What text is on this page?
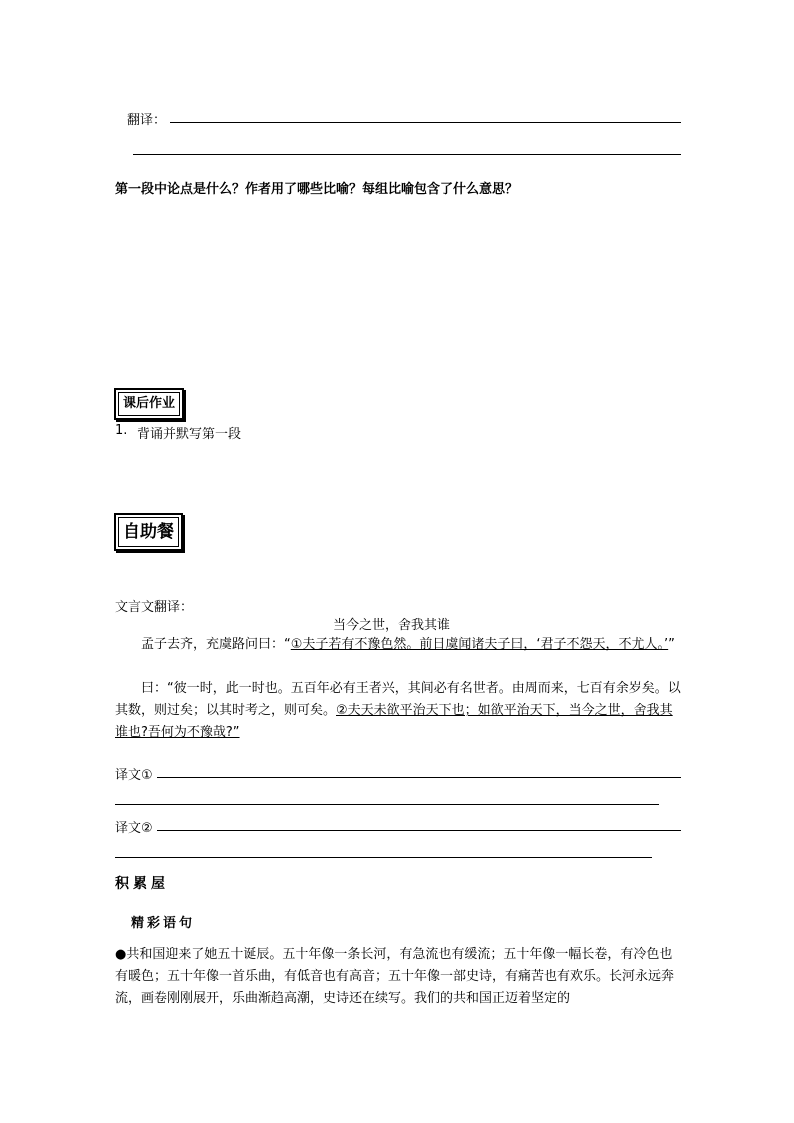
翻译：
第一段中论点是什么？作者用了哪些比喻？每组比喻包含了什么意思？
课后作业
1. 背诵并默写第一段
自助餐
文言文翻译：
当今之世，舍我其谁
孟子去齐，充虞路问曰：“①夫子若有不豫色然。前日虞闻诸夫子曰，‘君子不怨天，不尤人。’”
曰：“彼一时，此一时也。五百年必有王者兴，其间必有名世者。由周而来，七百有余岁矣。以其数，则过矣；以其时考之，则可矣。②夫天未欲平治天下也；如欲平治天下，当今之世，舍我其谁也?吾何为不豫哉?”
译文①
译文②
积累屋
精彩语句
●共和国迎来了她五十诞辰。五十年像一条长河，有急流也有缓流；五十年像一幅长卷，有冷色也有暖色；五十年像一首乐曲，有低音也有高音；五十年像一部史诗，有痛苦也有欢乐。长河永远奔流，画卷刚刚展开，乐曲渐趋高潮，史诗还在续写。我们的共和国正迈着坚定的
